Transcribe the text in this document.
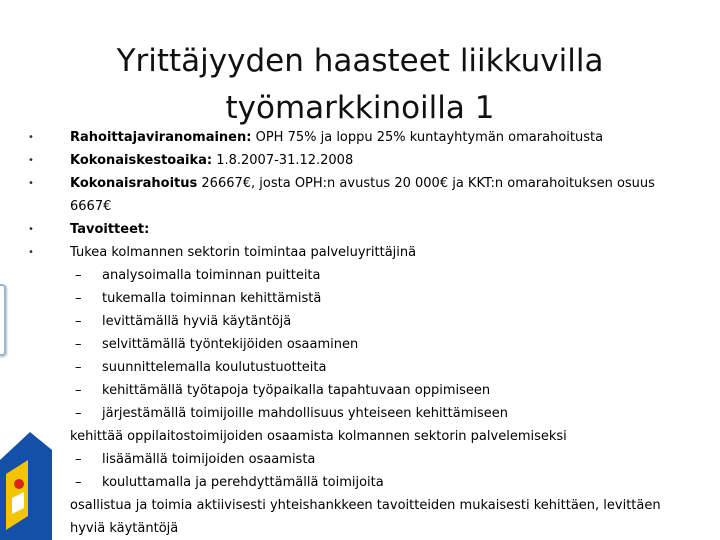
Yrittäjyyden haasteet liikkuvilla
työmarkkinoilla 1
•	Rahoittajaviranomainen: OPH 75% ja loppu 25% kuntayhtymän omarahoitusta
•	Kokonaiskestoaika: 1.8.2007-31.12.2008
•	Kokonaisrahoitus 26667€, josta OPH:n avustus 20 000€ ja KKT:n omarahoituksen osuus 6667€
•	Tavoitteet:
•	Tukea kolmannen sektorin toimintaa palveluyrittäjinä
– analysoimalla toiminnan puitteita
– tukemalla toiminnan kehittämistä
– levittämällä hyviä käytäntöjä
– selvittämällä työntekijöiden osaaminen
– suunnittelemalla koulutustuotteita
– kehittämällä työtapoja työpaikalla tapahtuvaan oppimiseen
– järjestämällä toimijoille mahdollisuus yhteiseen kehittämiseen
kehittää oppilaitostoimijoiden osaamista kolmannen sektorin palvelemiseksi
– lisäämällä toimijoiden osaamista
– kouluttamalla ja perehdyttämällä toimijoita
osallistua ja toimia aktiivisesti yhteishankkeen tavoitteiden mukaisesti kehittäen, levittäen hyviä käytäntöjä
